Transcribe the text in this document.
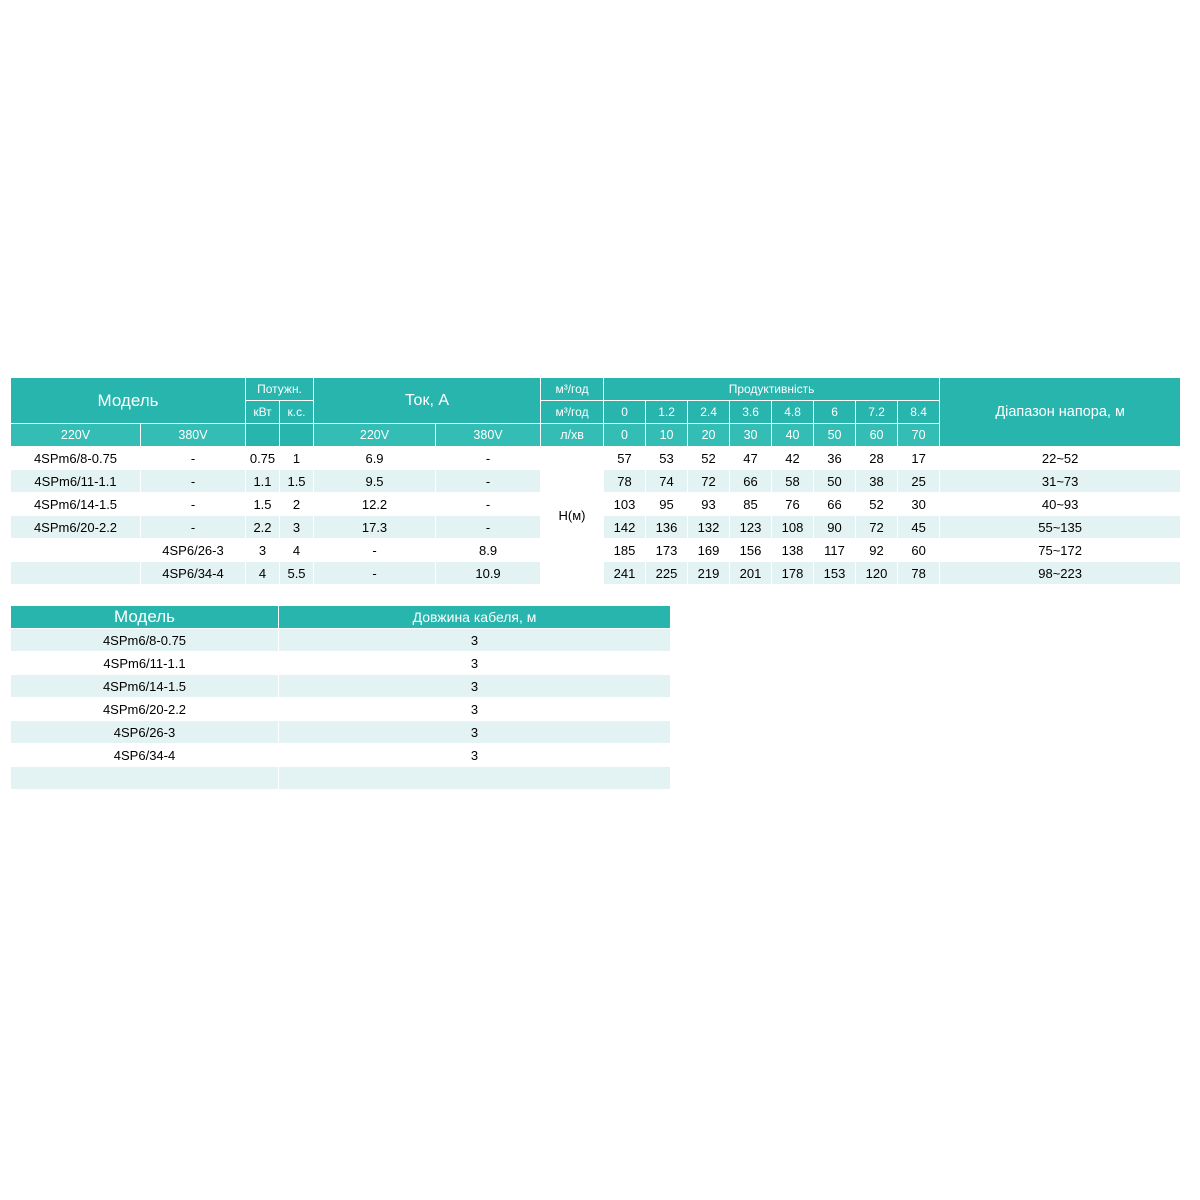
Модель		Потужн.		Ток, А		м³/год	Продуктивність								Діапазон напора, м

		кВт	к.с.			м³/год	0	1.2	2.4	3.6	4.8	6	7.2	8.4	
220V	380V			220V	380V	л/хв	0	10	20	30	40	50	60	70	
4SPm6/8-0.75	-	0.75	1	6.9	-	H(м)	57	53	52	47	42	36	28	17	22~52
4SPm6/11-1.1	-	1.1	1.5	9.5	-		78	74	72	66	58	50	38	25	31~73
4SPm6/14-1.5	-	1.5	2	12.2	-		103	95	93	85	76	66	52	30	40~93
4SPm6/20-2.2	-	2.2	3	17.3	-		142	136	132	123	108	90	72	45	55~135
	4SP6/26-3	3	4	-	8.9		185	173	169	156	138	117	92	60	75~172
	4SP6/34-4	4	5.5	-	10.9		241	225	219	201	178	153	120	78	98~223
Модель	Довжина кабеля, м
4SPm6/8-0.75	3
4SPm6/11-1.1	3
4SPm6/14-1.5	3
4SPm6/20-2.2	3
4SP6/26-3	3
4SP6/34-4	3
